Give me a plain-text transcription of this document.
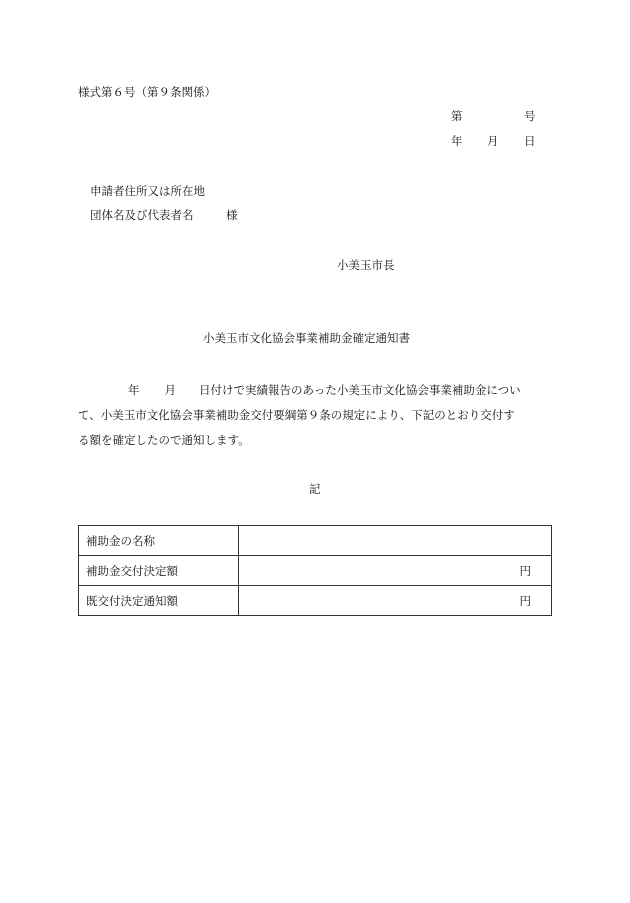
様式第６号（第９条関係）
第	号
年 月 日
申請者住所又は所在地
団体名及び代表者名	様
小美玉市長
小美玉市文化協会事業補助金確定通知書
年 月 日付けで実績報告のあった小美玉市文化協会事業補助金につい
て、小美玉市文化協会事業補助金交付要綱第９条の規定により、下記のとおり交付す
る額を確定したので通知します。
記
補助金の名称	
補助金交付決定額	円
既交付決定通知額	円
